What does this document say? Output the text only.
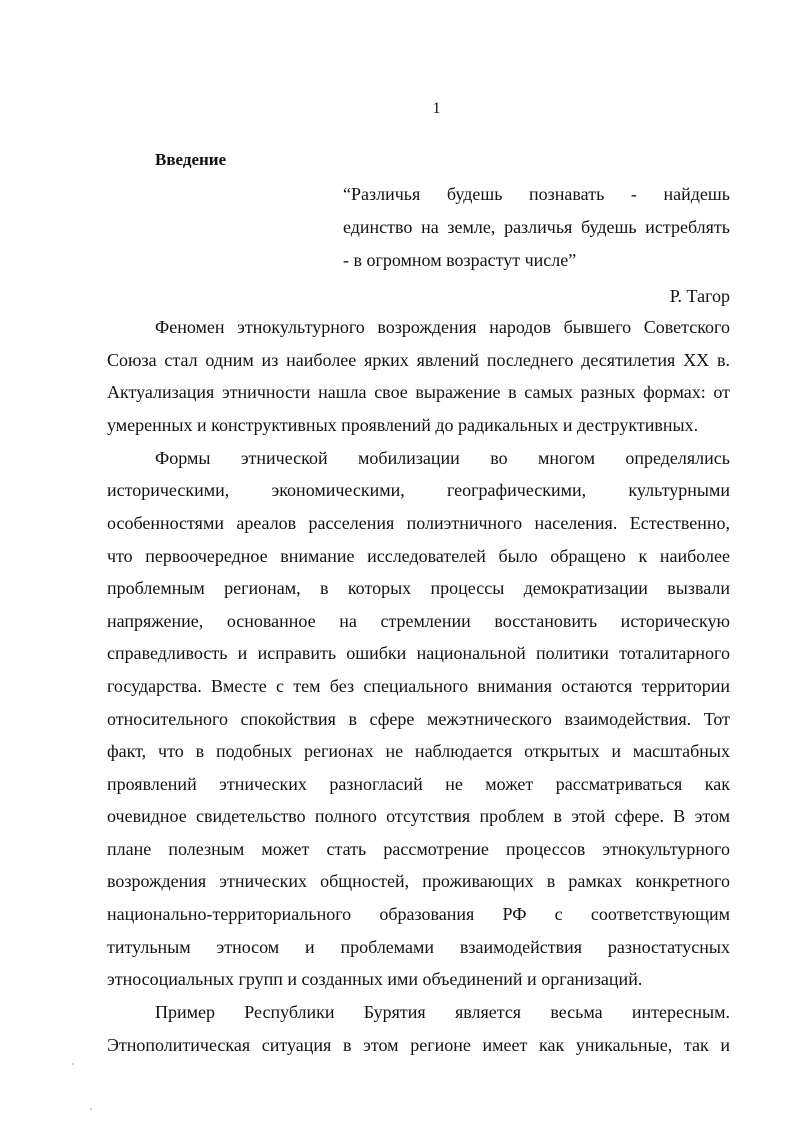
1
Введение
“Различья будешь познавать - найдешь
единство на земле, различья будешь истреблять
- в огромном возрастут числе”
Р. Тагор
Феномен этнокультурного возрождения народов бывшего Советского
Союза стал одним из наиболее ярких явлений последнего десятилетия XX в.
Актуализация этничности нашла свое выражение в самых разных формах: от
умеренных и конструктивных проявлений до радикальных и деструктивных.
Формы этнической мобилизации во многом определялись
историческими, экономическими, географическими, культурными
особенностями ареалов расселения полиэтничного населения. Естественно,
что первоочередное внимание исследователей было обращено к наиболее
проблемным регионам, в которых процессы демократизации вызвали
напряжение, основанное на стремлении восстановить историческую
справедливость и исправить ошибки национальной политики тоталитарного
государства. Вместе с тем без специального внимания остаются территории
относительного спокойствия в сфере межэтнического взаимодействия. Тот
факт, что в подобных регионах не наблюдается открытых и масштабных
проявлений этнических разногласий не может рассматриваться как
очевидное свидетельство полного отсутствия проблем в этой сфере. В этом
плане полезным может стать рассмотрение процессов этнокультурного
возрождения этнических общностей, проживающих в рамках конкретного
национально-территориального образования РФ с соответствующим
титульным этносом и проблемами взаимодействия разностатусных
этносоциальных групп и созданных ими объединений и организаций.
Пример Республики Бурятия является весьма интересным.
Этнополитическая ситуация в этом регионе имеет как уникальные, так и
